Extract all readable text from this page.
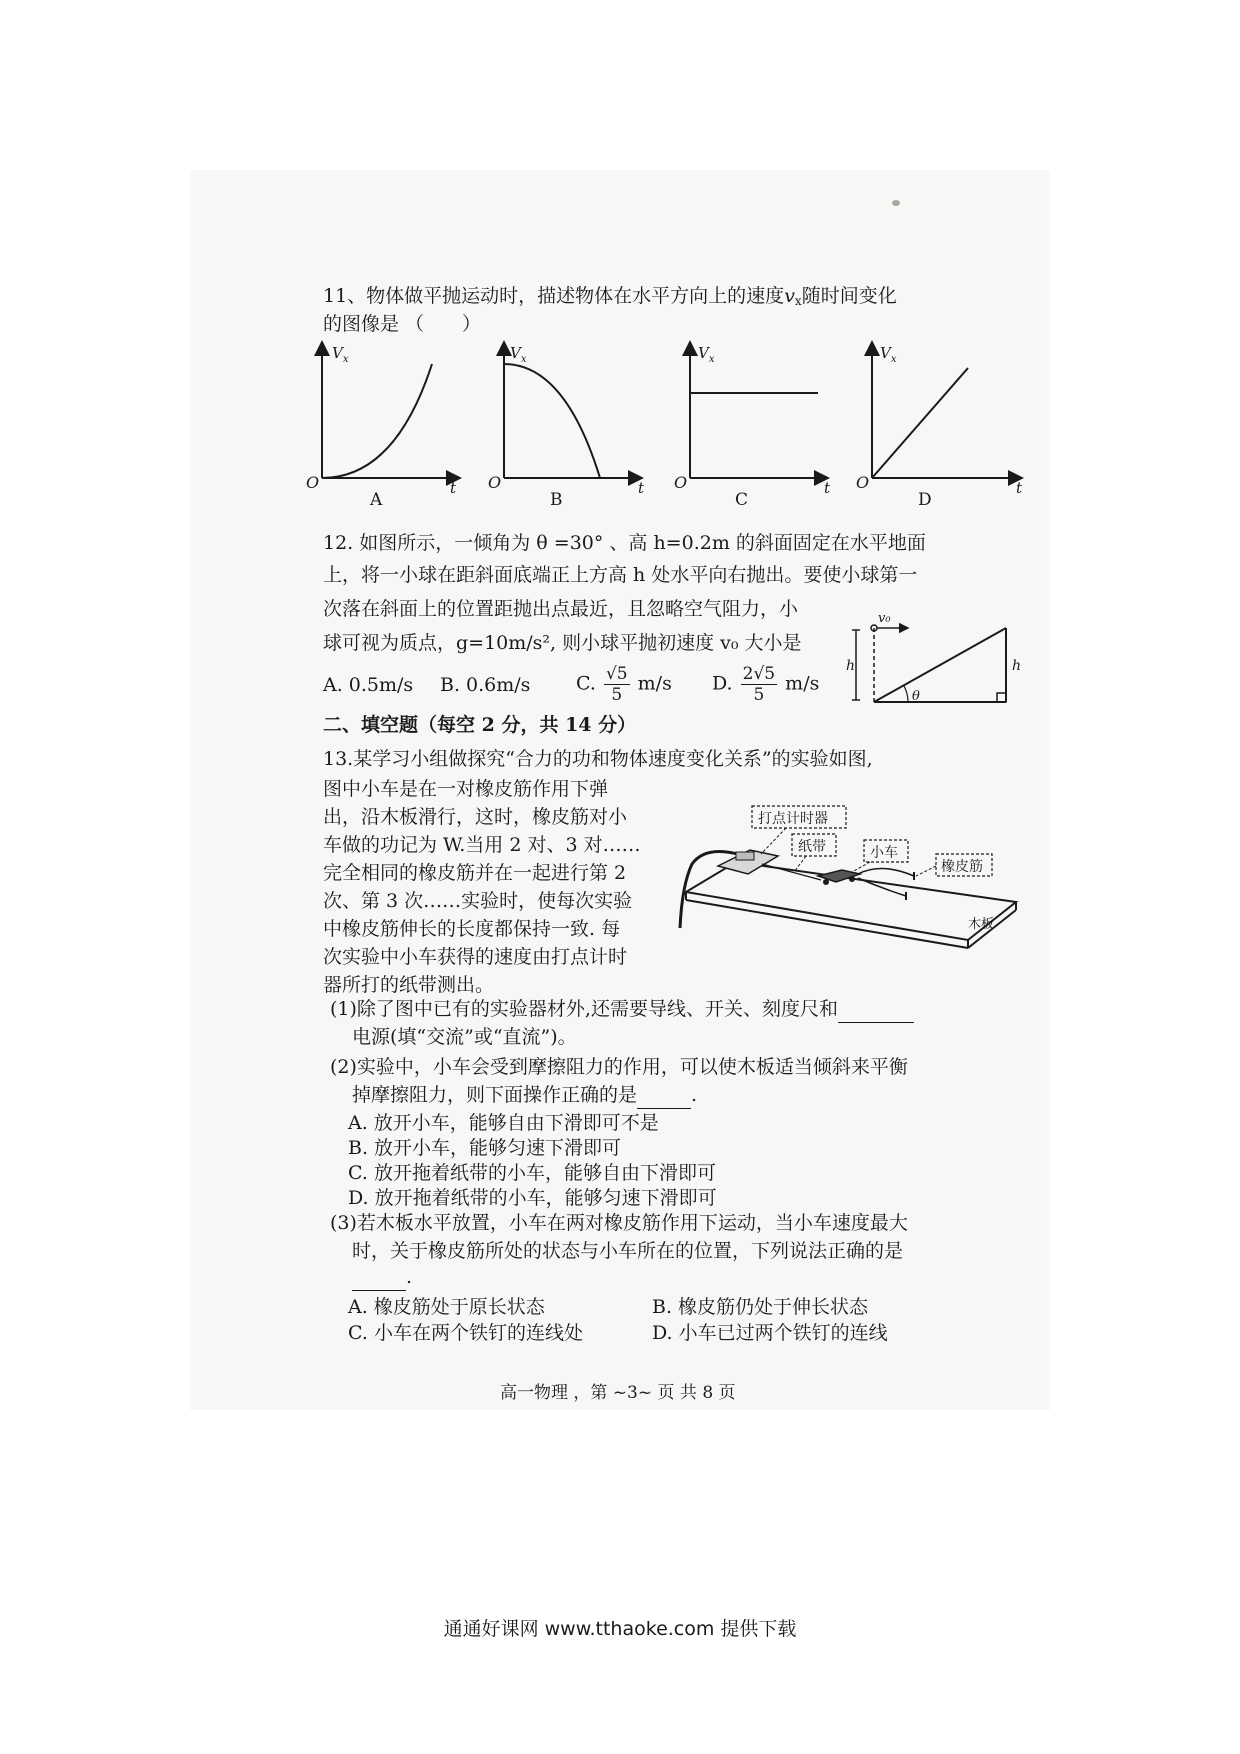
11、物体做平抛运动时，描述物体在水平方向上的速度$v_x$随时间变化
的图像是 （　　）
$V_x$
O	t
A
$V_x$
O	t
B
$V_x$
O	t
C
$V_x$
O	t
D
12. 如图所示，一倾角为 θ =30° 、高 h=0.2m 的斜面固定在水平地面
上，将一小球在距斜面底端正上方高 h 处水平向右抛出。要使小球第一
次落在斜面上的位置距抛出点最近，且忽略空气阻力，小
球可视为质点，g=10m/s², 则小球平抛初速度 v₀ 大小是
A. 0.5m/s B. 0.6m/s C. $\frac{√5}{5} m/s$ D. $\frac{2√5}{5} m/s$
v₀
h	h
θ
二、填空题（每空 2 分，共 14 分）
13.某学习小组做探究“合力的功和物体速度变化关系”的实验如图,
图中小车是在一对橡皮筋作用下弹
出，沿木板滑行，这时，橡皮筋对小
车做的功记为 W.当用 2 对、3 对……
完全相同的橡皮筋并在一起进行第 2
次、第 3 次……实验时，使每次实验
中橡皮筋伸长的长度都保持一致. 每
次实验中小车获得的速度由打点计时
器所打的纸带测出。
打点计时器
纸带	小车
橡皮筋
木板
(1)除了图中已有的实验器材外,还需要导线、开关、刻度尺和
电源(填“交流”或“直流”)。
(2)实验中，小车会受到摩擦阻力的作用，可以使木板适当倾斜来平衡
掉摩擦阻力，则下面操作正确的是	.
A. 放开小车，能够自由下滑即可不是
B. 放开小车，能够匀速下滑即可
C. 放开拖着纸带的小车，能够自由下滑即可
D. 放开拖着纸带的小车，能够匀速下滑即可
(3)若木板水平放置，小车在两对橡皮筋作用下运动，当小车速度最大
时，关于橡皮筋所处的状态与小车所在的位置，下列说法正确的是
.
A. 橡皮筋处于原长状态	B. 橡皮筋仍处于伸长状态
C. 小车在两个铁钉的连线处	D. 小车已过两个铁钉的连线
高一物理 ，第 ~3~ 页 共 8 页
通通好课网 www.tthaoke.com 提供下载
